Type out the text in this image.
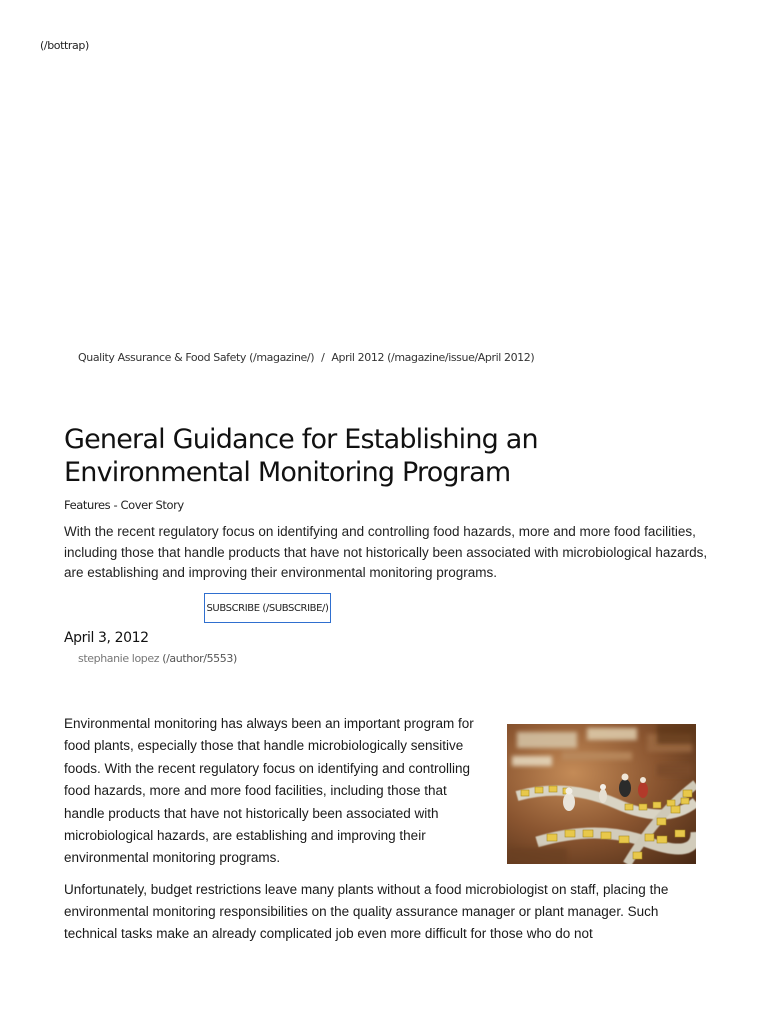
(/bottrap)
Quality Assurance & Food Safety (/magazine/) / April 2012 (/magazine/issue/April 2012)
General Guidance for Establishing an Environmental Monitoring Program
Features - Cover Story

With the recent regulatory focus on identifying and controlling food hazards, more and more food facilities, including those that handle products that have not historically been associated with microbiological hazards, are establishing and improving their environmental monitoring programs.

SUBSCRIBE (/SUBSCRIBE/)
April 3, 2012
stephanie lopez (/author/5553)

Environmental monitoring has always been an important program for food plants, especially those that handle microbiologically sensitive foods. With the recent regulatory focus on identifying and controlling food hazards, more and more food facilities, including those that handle products that have not historically been associated with microbiological hazards, are establishing and improving their environmental monitoring programs.

Unfortunately, budget restrictions leave many plants without a food microbiologist on staff, placing the environmental monitoring responsibilities on the quality assurance manager or plant manager. Such technical tasks make an already complicated job even more difficult for those who do not
